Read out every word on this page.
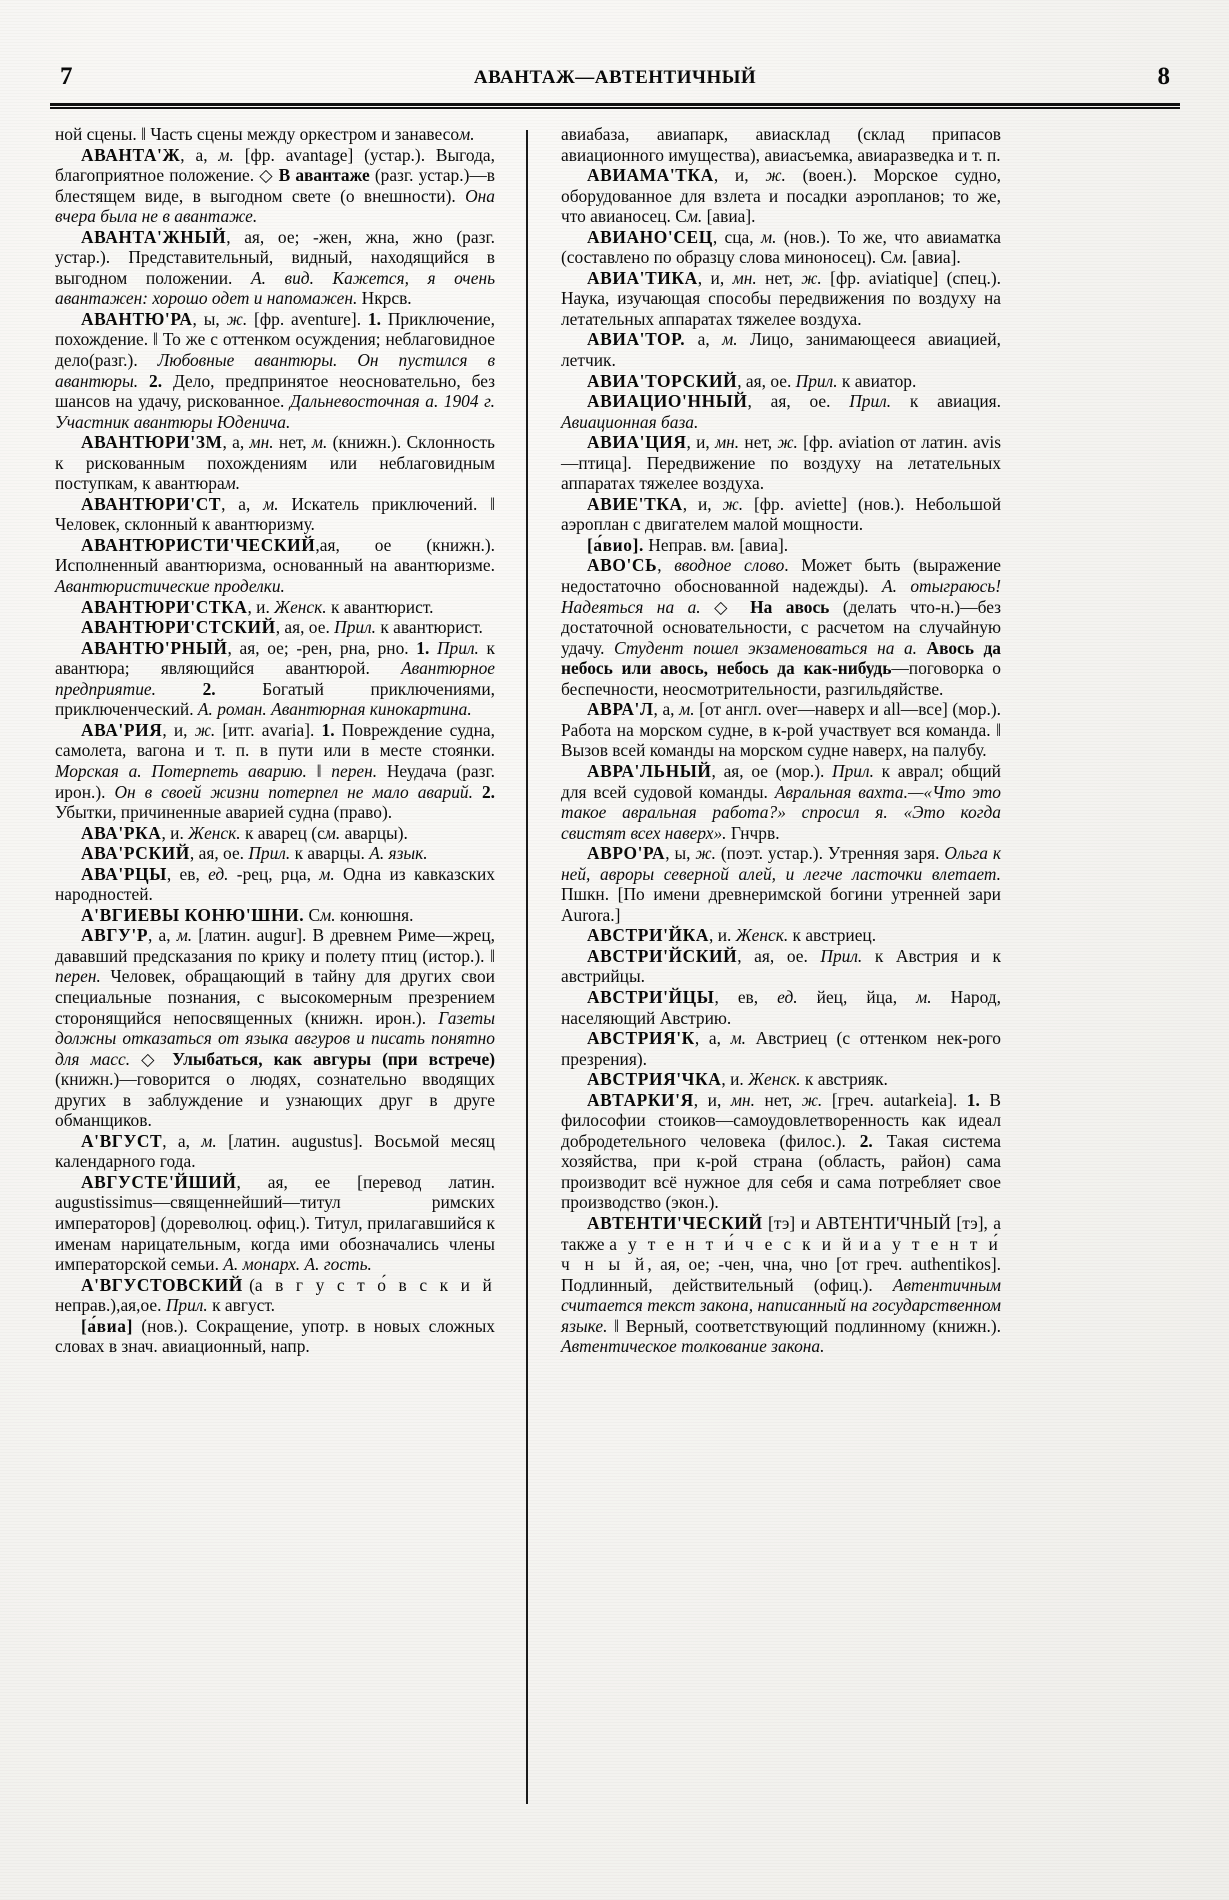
7	АВАНТАЖ—АВТЕНТИЧНЫЙ	8

ной сцены. ‖ Часть сцены между оркестром и занавесом.

АВАНТА'Ж, а, м. [фр. avantage] (устар.). Выгода, благоприятное положение. ◇ В авантаже (разг. устар.)—в блестящем виде, в выгодном свете (о внешности). Она вчера была не в авантаже.

АВАНТА'ЖНЫЙ, ая, ое; -жен, жна, жно (разг. устар.). Представительный, видный, находящийся в выгодном положении. А. вид. Кажется, я очень авантажен: хорошо одет и напомажен. Нкрсв.

АВАНТЮ'РА, ы, ж. [фр. aventure]. 1. Приключение, похождение. ‖ То же с оттенком осуждения; неблаговидное дело(разг.). Любовные авантюры. Он пустился в авантюры. 2. Дело, предпринятое неосновательно, без шансов на удачу, рискованное. Дальневосточная а. 1904 г. Участник авантюры Юденича.

АВАНТЮРИ'ЗМ, а, мн. нет, м. (книжн.). Склонность к рискованным похождениям или неблаговидным поступкам, к авантюрам.

АВАНТЮРИ'СТ, а, м. Искатель приключений. ‖ Человек, склонный к авантюризму.

АВАНТЮРИСТИ'ЧЕСКИЙ,ая, ое (книжн.). Исполненный авантюризма, основанный на авантюризме. Авантюристические проделки.

АВАНТЮРИ'СТКА, и. Женск. к авантюрист.

АВАНТЮРИ'СТСКИЙ, ая, ое. Прил. к авантюрист.

АВАНТЮ'РНЫЙ, ая, ое; -рен, рна, рно. 1. Прил. к авантюра; являющийся авантюрой. Авантюрное предприятие.	2. Богатый приключениями, приключенческий. А. роман. Авантюрная кинокартина.

АВА'РИЯ, и, ж. [итг. avaria]. 1. Повреждение судна, самолета, вагона и т. п. в пути или в месте стоянки. Морская а. Потерпеть аварию. ‖ перен. Неудача (разг. ирон.). Он в своей жизни потерпел не мало аварий. 2. Убытки, причиненные аварией судна (право).

АВА'РКА, и. Женск. к аварец (см. аварцы).

АВА'РСКИЙ, ая, ое. Прил. к аварцы. А. язык.

АВА'РЦЫ, ев, ед. -рец, рца, м. Одна из кавказских народностей.

А'ВГИЕВЫ КОНЮ'ШНИ. См. конюшня.

АВГУ'Р, а, м. [латин. augur]. В древнем Риме—жрец, дававший предсказания по крику и полету птиц (истор.). ‖ перен. Человек, обращающий в тайну для других свои специальные познания, с высокомерным презрением сторонящийся непосвященных (книжн. ирон.). Газеты должны отказаться от языка авгуров и писать понятно для масс. ◇ Улыбаться, как авгуры (при встрече) (книжн.)—говорится о людях, сознательно вводящих других в заблуждение и узнающих друг в друге обманщиков.

А'ВГУСТ, а, м. [латин. augustus]. Восьмой месяц календарного года.

АВГУСТЕ'ЙШИЙ, ая, ее [перевод латин. augustissimus—священнейший—титул римских императоров] (дореволюц. офиц.). Титул, прилагавшийся к именам нарицательным, когда ими обозначались члены императорской семьи. А. монарх. А. гость.

А'ВГУСТОВСКИЙ (а в г у с т о́ в с к и й неправ.),ая,ое. Прил. к август.

[а́виа] (нов.). Сокращение, употр. в новых сложных словах в знач. авиационный, напр.

авиабаза, авиапарк, авиасклад (склад припасов авиационного имущества), авиасъемка, авиаразведка и т. п.

АВИАМА'ТКА, и, ж. (воен.). Морское судно, оборудованное для взлета и посадки аэропланов; то же, что авианосец. См. [авиа].

АВИАНО'СЕЦ, сца, м. (нов.). То же, что авиаматка (составлено по образцу слова миноносец). См. [авиа].

АВИА'ТИКА, и, мн. нет, ж. [фр. aviatique] (спец.). Наука, изучающая способы передвижения по воздуху на летательных аппаратах тяжелее воздуха.

АВИА'ТОР. а, м. Лицо, занимающееся авиацией, летчик.

АВИА'ТОРСКИЙ, ая, ое. Прил. к авиатор.

АВИАЦИО'ННЫЙ, ая, ое. Прил. к авиация. Авиационная база.

АВИА'ЦИЯ, и, мн. нет, ж. [фр. aviation от латин. avis—птица]. Передвижение по воздуху на летательных аппаратах тяжелее воздуха.

АВИЕ'ТКА, и, ж. [фр. aviette] (нов.). Небольшой аэроплан с двигателем малой мощности.

[а́вио]. Неправ. вм. [авиа].

АВО'СЬ, вводное слово. Может быть (выражение недостаточно обоснованной надежды). А. отыграюсь! Надеяться на а. ◇ На авось (делать что-н.)—без достаточной основательности, с расчетом на случайную удачу. Студент пошел экзаменоваться на а. Авось да небось или авось, небось да как-нибудь—поговорка о беспечности, неосмотрительности, разгильдяйстве.

АВРА'Л, а, м. [от англ. over—наверх и all—все] (мор.). Работа на морском судне, в к-рой участвует вся команда. ‖ Вызов всей команды на морском судне наверх, на палубу.

АВРА'ЛЬНЫЙ, ая, ое (мор.). Прил. к аврал; общий для всей судовой команды. Авральная вахта.—«Что это такое авральная работа?» спросил я. «Это когда свистят всех наверх». Гнчрв.

АВРО'РА, ы, ж. (поэт. устар.). Утренняя заря. Ольга к ней, авроры северной алей, и легче ласточки влетает. Пшкн. [По имени древнеримской богини утренней зари Aurora.]

АВСТРИ'ЙКА, и. Женск. к австриец.

АВСТРИ'ЙСКИЙ, ая, ое. Прил. к Австрия и к австрийцы.

АВСТРИ'ЙЦЫ, ев, ед. йец, йца, м. Народ, населяющий Австрию.

АВСТРИЯ'К, а, м. Австриец (с оттенком нек-рого презрения).

АВСТРИЯ'ЧКА, и. Женск. к австрияк.

АВТАРКИ'Я, и, мн. нет, ж. [греч. autarkeia]. 1. В философии стоиков—самоудовлетворенность как идеал добродетельного человека (филос.). 2. Такая система хозяйства, при к-рой страна (область, район) сама производит всё нужное для себя и сама потребляет свое производство (экон.).

АВТЕНТИ'ЧЕСКИЙ [тэ] и АВТЕНТИ'ЧНЫЙ [тэ], а также а у т е н т и́ ч е с к и й и а у т е н т и́ ч н ы й, ая, ое; -чен, чна, чно [от греч. authentikos]. Подлинный, действительный (офиц.). Автентичным считается текст закона, написанный на государственном языке. ‖ Верный, соответствующий подлинному (книжн.). Автентическое толкование закона.
